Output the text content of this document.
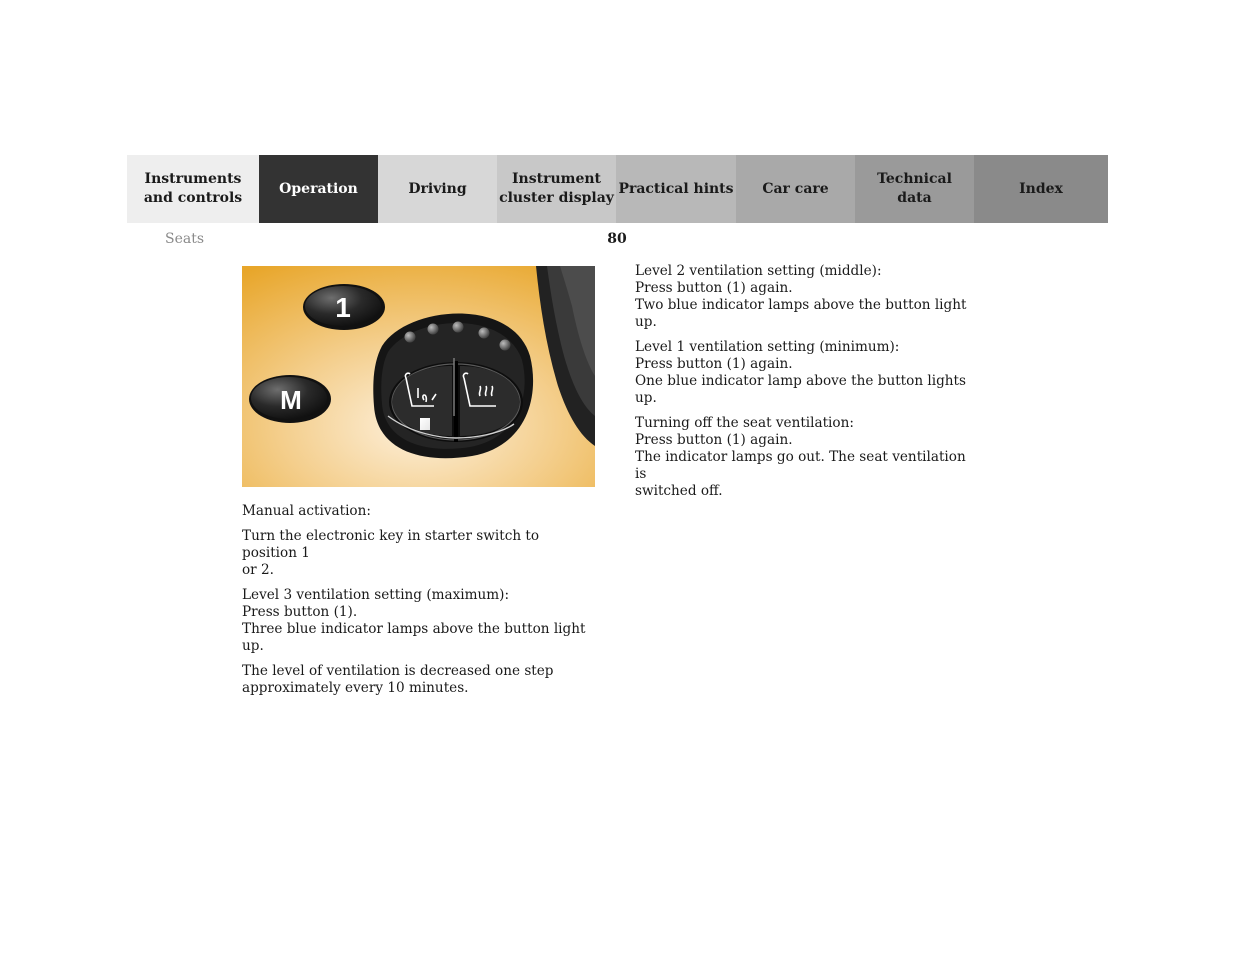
Instruments
and controls
Operation	Driving
Instrument
cluster display
Practical hints Car care
Technical
data
Index
Seats	80
1
M

Manual activation:

Turn the electronic key in starter switch to position 1
or 2.

Level 3 ventilation setting (maximum):
Press button (1).
Three blue indicator lamps above the button light up.

The level of ventilation is decreased one step
approximately every 10 minutes.

Level 2 ventilation setting (middle):
Press button (1) again.
Two blue indicator lamps above the button light up.

Level 1 ventilation setting (minimum):
Press button (1) again.
One blue indicator lamp above the button lights up.

Turning off the seat ventilation:
Press button (1) again.
The indicator lamps go out. The seat ventilation is
switched off.
